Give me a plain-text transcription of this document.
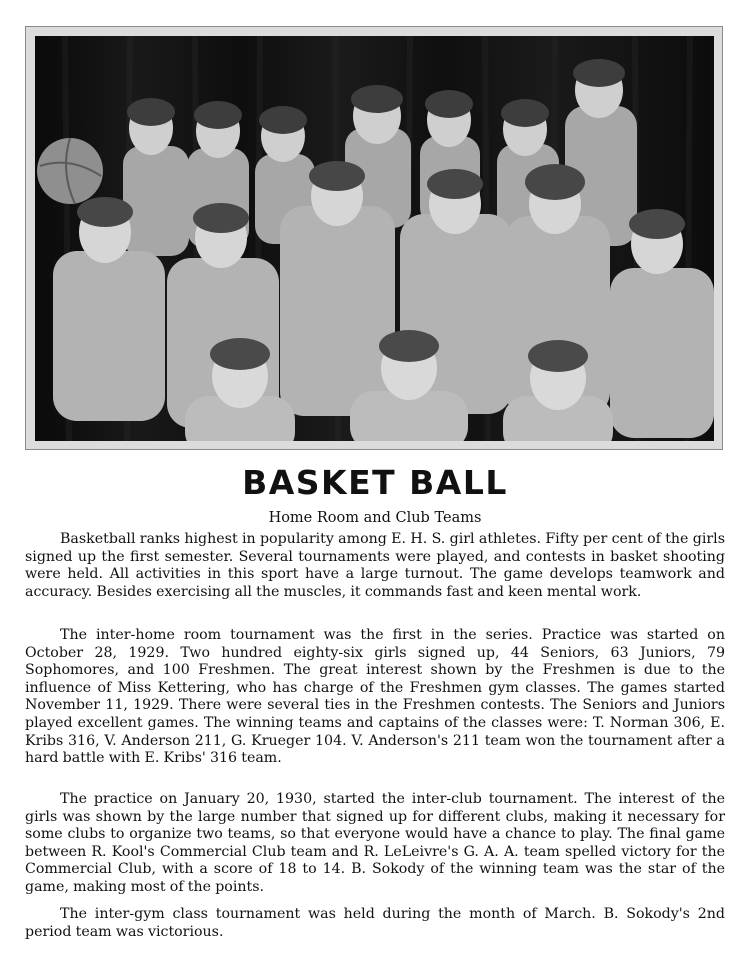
BASKET BALL
Home Room and Club Teams

Basketball ranks highest in popularity among E. H. S. girl athletes. Fifty per cent of the girls signed up the first semester. Several tournaments were played, and contests in basket shooting were held. All activities in this sport have a large turnout. The game develops teamwork and accuracy. Besides exercising all the muscles, it commands fast and keen mental work.

The inter-home room tournament was the first in the series. Practice was started on October 28, 1929. Two hundred eighty-six girls signed up, 44 Seniors, 63 Juniors, 79 Sophomores, and 100 Freshmen. The great interest shown by the Freshmen is due to the influence of Miss Kettering, who has charge of the Freshmen gym classes. The games started November 11, 1929. There were several ties in the Freshmen contests. The Seniors and Juniors played excellent games. The winning teams and captains of the classes were: T. Norman 306, E. Kribs 316, V. Anderson 211, G. Krueger 104. V. Anderson's 211 team won the tournament after a hard battle with E. Kribs' 316 team.

The practice on January 20, 1930, started the inter-club tournament. The interest of the girls was shown by the large number that signed up for different clubs, making it necessary for some clubs to organize two teams, so that everyone would have a chance to play. The final game between R. Kool's Commercial Club team and R. LeLeivre's G. A. A. team spelled victory for the Commercial Club, with a score of 18 to 14. B. Sokody of the winning team was the star of the game, making most of the points.

The inter-gym class tournament was held during the month of March. B. Sokody's 2nd period team was victorious.
